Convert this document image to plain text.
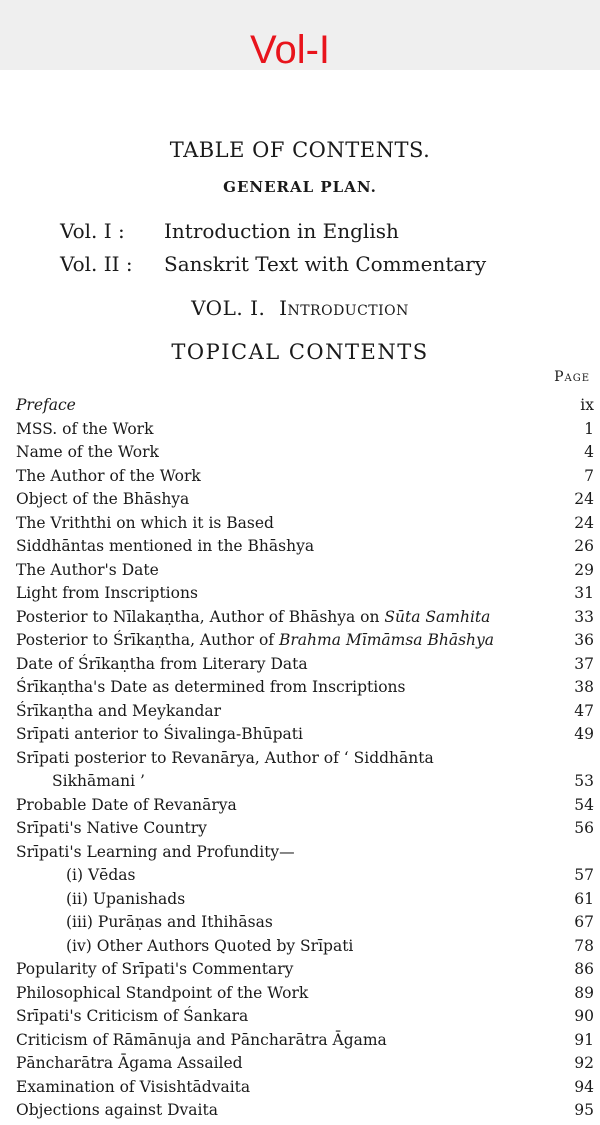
Vol-I
TABLE OF CONTENTS.
GENERAL PLAN.
Vol. I : Introduction in English
Vol. II : Sanskrit Text with Commentary
VOL. I. Introduction
TOPICAL CONTENTS
Page
Preface	ix
MSS. of the Work	1
Name of the Work	4
The Author of the Work	7
Object of the Bhāshya	24
The Vriththi on which it is Based	24
Siddhāntas mentioned in the Bhāshya	26
The Author's Date	29
Light from Inscriptions	31
Posterior to Nīlakaṇtha, Author of Bhāshya on Sūta Samhita	33
Posterior to Śrīkaṇtha, Author of Brahma Mīmāmsa Bhāshya	36
Date of Śrīkaṇtha from Literary Data	37
Śrīkaṇtha's Date as determined from Inscriptions	38
Śrīkaṇtha and Meykandar	47
Srīpati anterior to Śivalinga-Bhūpati	49
Srīpati posterior to Revanārya, Author of ‘ Siddhānta
Sikhāmani ’	53
Probable Date of Revanārya	54
Srīpati's Native Country	56
Srīpati's Learning and Profundity—
(i) Vēdas	57
(ii) Upanishads	61
(iii) Purāṇas and Ithihāsas	67
(iv) Other Authors Quoted by Srīpati	78
Popularity of Srīpati's Commentary	86
Philosophical Standpoint of the Work	89
Srīpati's Criticism of Śankara	90
Criticism of Rāmānuja and Pāncharātra Āgama	91
Pāncharātra Āgama Assailed	92
Examination of Visishtādvaita	94
Objections against Dvaita	95
